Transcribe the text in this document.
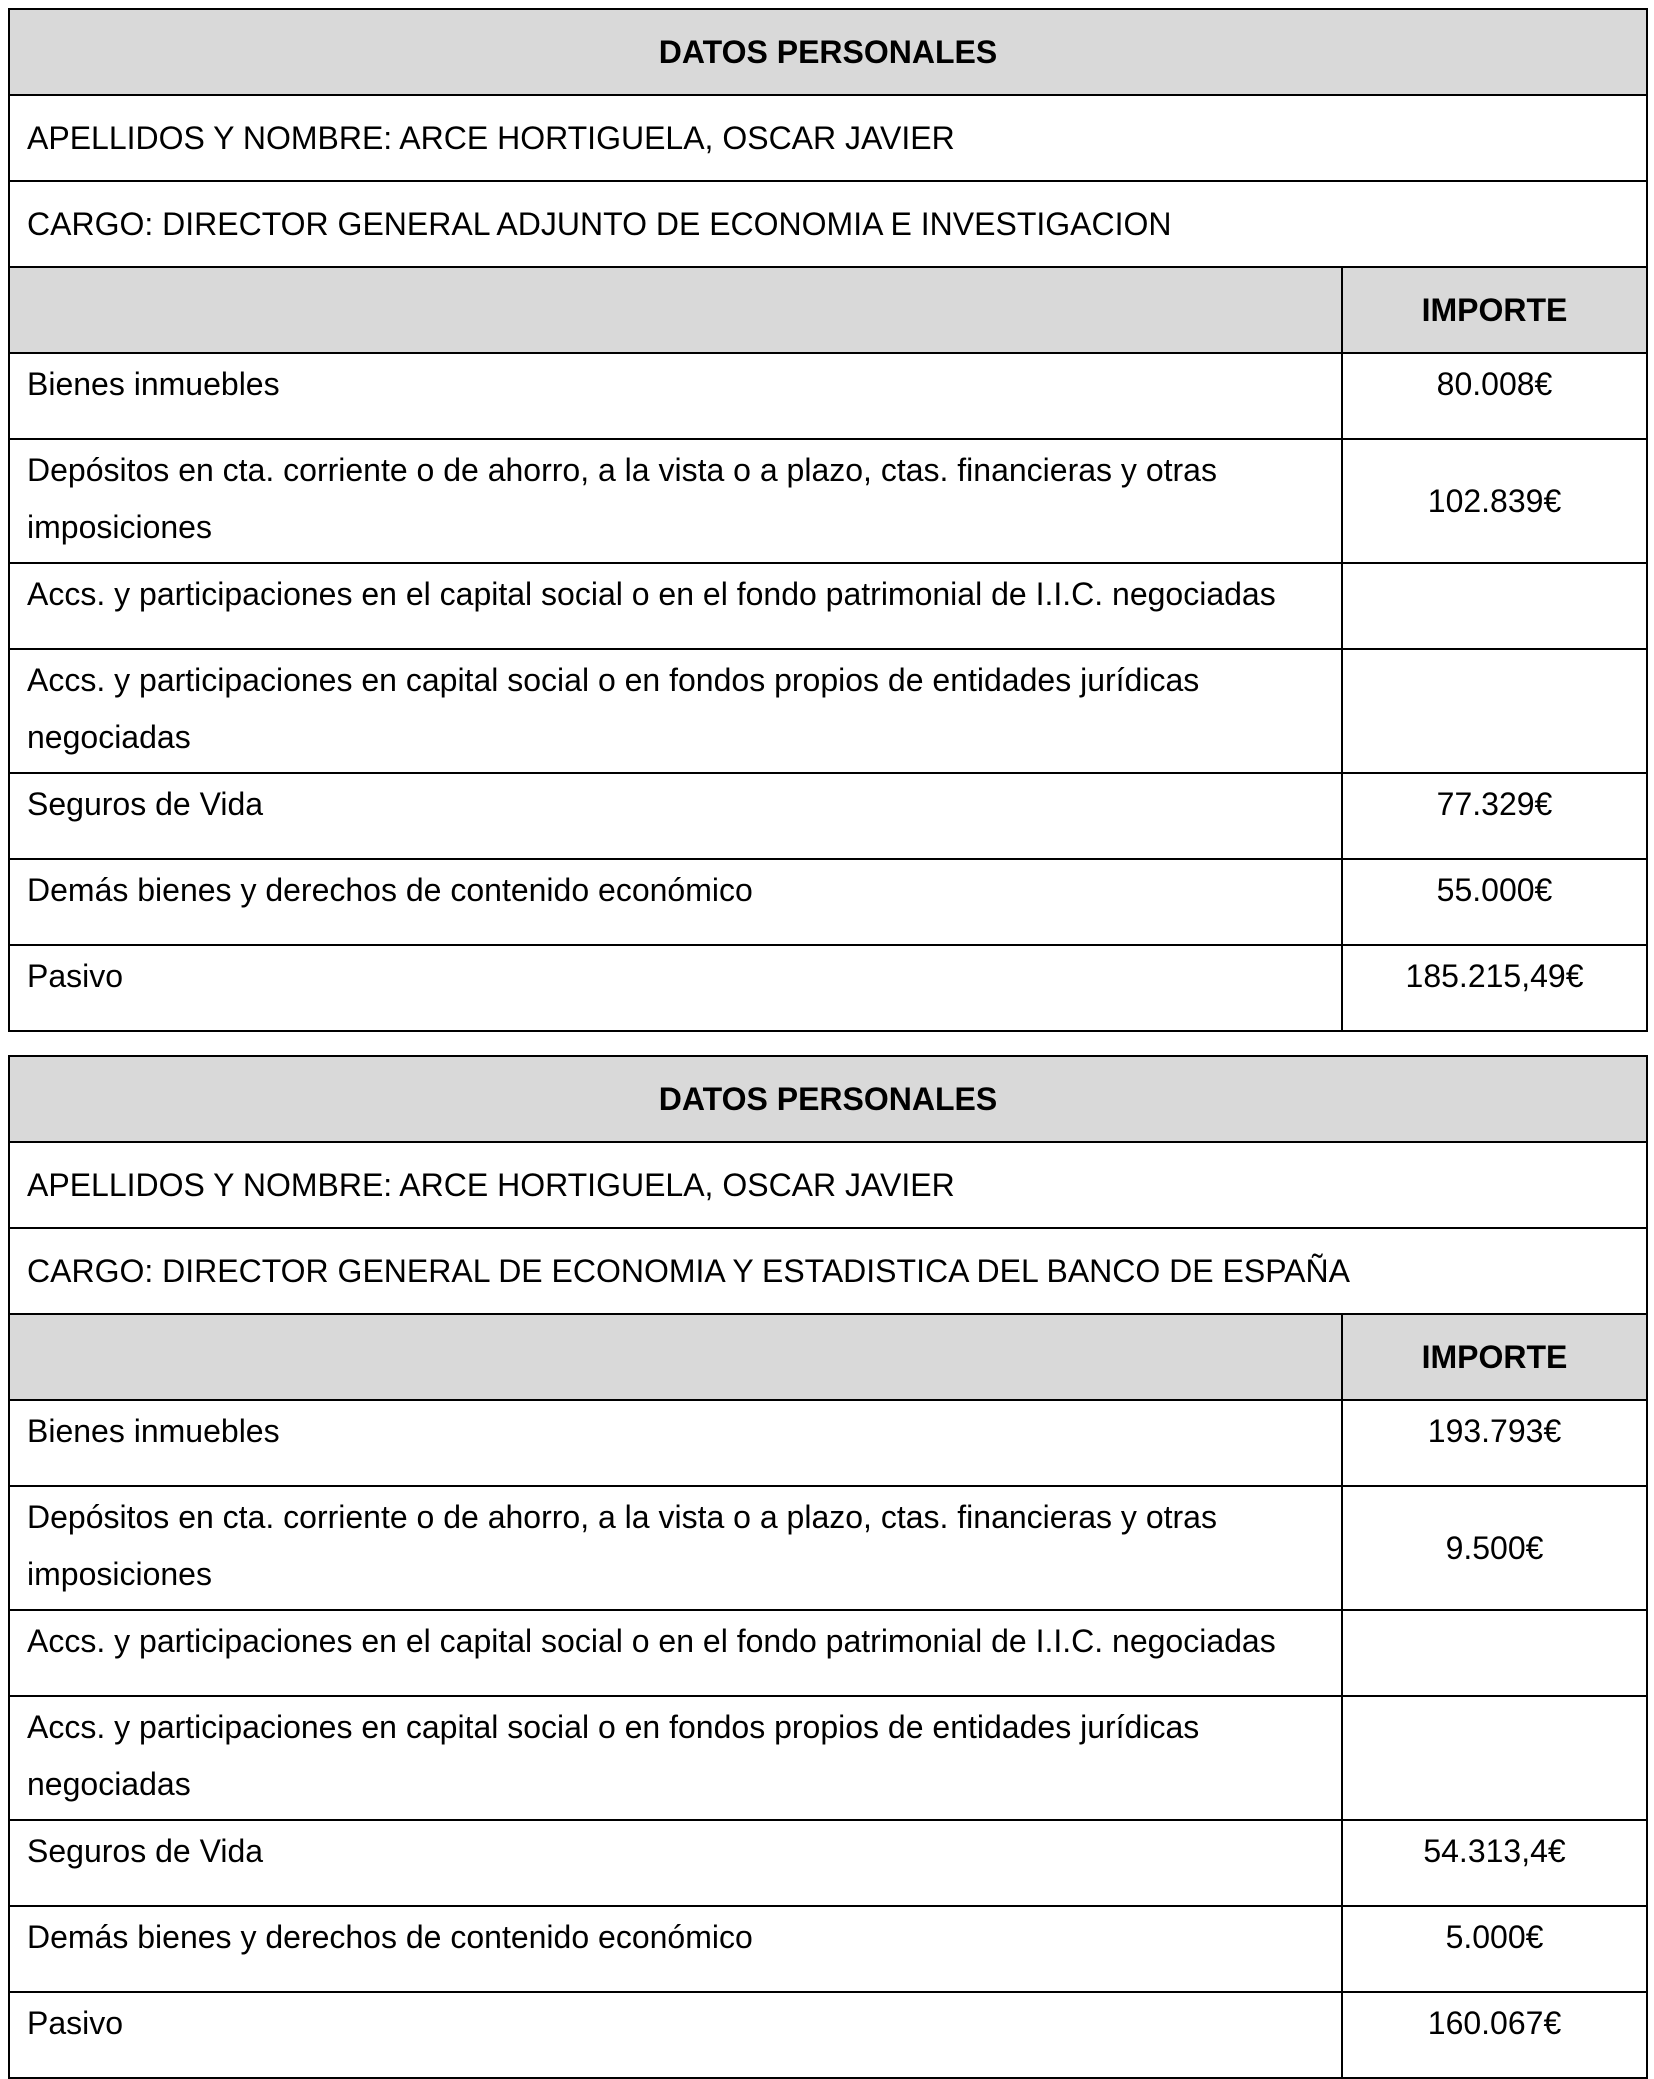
DATOS PERSONALES	
APELLIDOS Y NOMBRE: ARCE HORTIGUELA, OSCAR JAVIER	
CARGO: DIRECTOR GENERAL ADJUNTO DE ECONOMIA E INVESTIGACION	
	IMPORTE
Bienes inmuebles	80.008€
Depósitos en cta. corriente o de ahorro, a la vista o a plazo, ctas. financieras y otras imposiciones	102.839€
Accs. y participaciones en el capital social o en el fondo patrimonial de I.I.C. negociadas	
Accs. y participaciones en capital social o en fondos propios de entidades jurídicas negociadas	
Seguros de Vida	77.329€
Demás bienes y derechos de contenido económico	55.000€
Pasivo	185.215,49€
DATOS PERSONALES	
APELLIDOS Y NOMBRE: ARCE HORTIGUELA, OSCAR JAVIER	
CARGO: DIRECTOR GENERAL DE ECONOMIA Y ESTADISTICA DEL BANCO DE ESPAÑA	
	IMPORTE
Bienes inmuebles	193.793€
Depósitos en cta. corriente o de ahorro, a la vista o a plazo, ctas. financieras y otras imposiciones	9.500€
Accs. y participaciones en el capital social o en el fondo patrimonial de I.I.C. negociadas	
Accs. y participaciones en capital social o en fondos propios de entidades jurídicas negociadas	
Seguros de Vida	54.313,4€
Demás bienes y derechos de contenido económico	5.000€
Pasivo	160.067€
